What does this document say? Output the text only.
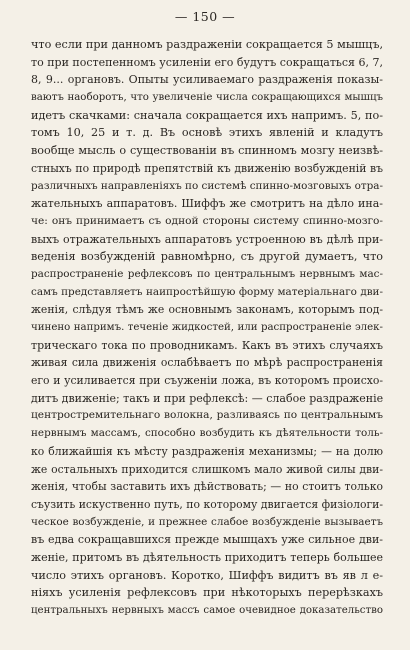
— 150 —
что если при данномъ раздраженіи сокращается 5 мышцъ,
то при постепенномъ усиленіи его будутъ сокращаться 6, 7,
8, 9... органовъ. Опыты усиливаемаго раздраженія показы-
ваютъ наоборотъ, что увеличеніе числа сокращающихся мышцъ
идетъ скачками: сначала сокращается ихъ напримъ. 5, по-
томъ 10, 25 и т. д. Въ основѣ этихъ явленій и кладутъ
вообще мысль о существованіи въ спинномъ мозгу неизвѣ-
стныхъ по природѣ препятствій къ движенію возбужденій въ
различныхъ направленіяхъ по системѣ спинно-мозговыхъ отра-
жательныхъ аппаратовъ. Шиффъ же смотритъ на дѣло ина-
че: онъ принимаетъ съ одной стороны систему спинно-мозго-
выхъ отражательныхъ аппаратовъ устроенною въ дѣлѣ при-
веденія возбужденій равномѣрно, съ другой думаетъ, что
распространеніе рефлексовъ по центральнымъ нервнымъ мас-
самъ представляетъ наипростѣйшую форму матеріальнаго дви-
женія, слѣдуя тѣмъ же основнымъ законамъ, которымъ под-
чинено напримъ. теченіе жидкостей, или распространеніе элек-
трическаго тока по проводникамъ. Какъ въ этихъ случаяхъ
живая сила движенія ослабѣваетъ по мѣрѣ распространенія
его и усиливается при съуженіи ложа, въ которомъ происхо-
дитъ движеніе; такъ и при рефлексѣ: — слабое раздраженіе
центростремительнаго волокна, разливаясь по центральнымъ
нервнымъ массамъ, способно возбудить къ дѣятельности толь-
ко ближайшія къ мѣсту раздраженія механизмы; — на долю
же остальныхъ приходится слишкомъ мало живой силы дви-
женія, чтобы заставить ихъ дѣйствовать; — но стоитъ только
съузить искуственно путь, по которому двигается физіологи-
ческое возбужденіе, и прежнее слабое возбужденіе вызываетъ
въ едва сокращавшихся прежде мышцахъ уже сильное дви-
женіе, притомъ въ дѣятельность приходитъ теперь большее
число этихъ органовъ. Коротко, Шиффъ видитъ въ яв л е-
ніяхъ усиленія рефлексовъ при нѣкоторыхъ перерѣзкахъ
центральныхъ нервныхъ массъ самое очевидное доказательство
